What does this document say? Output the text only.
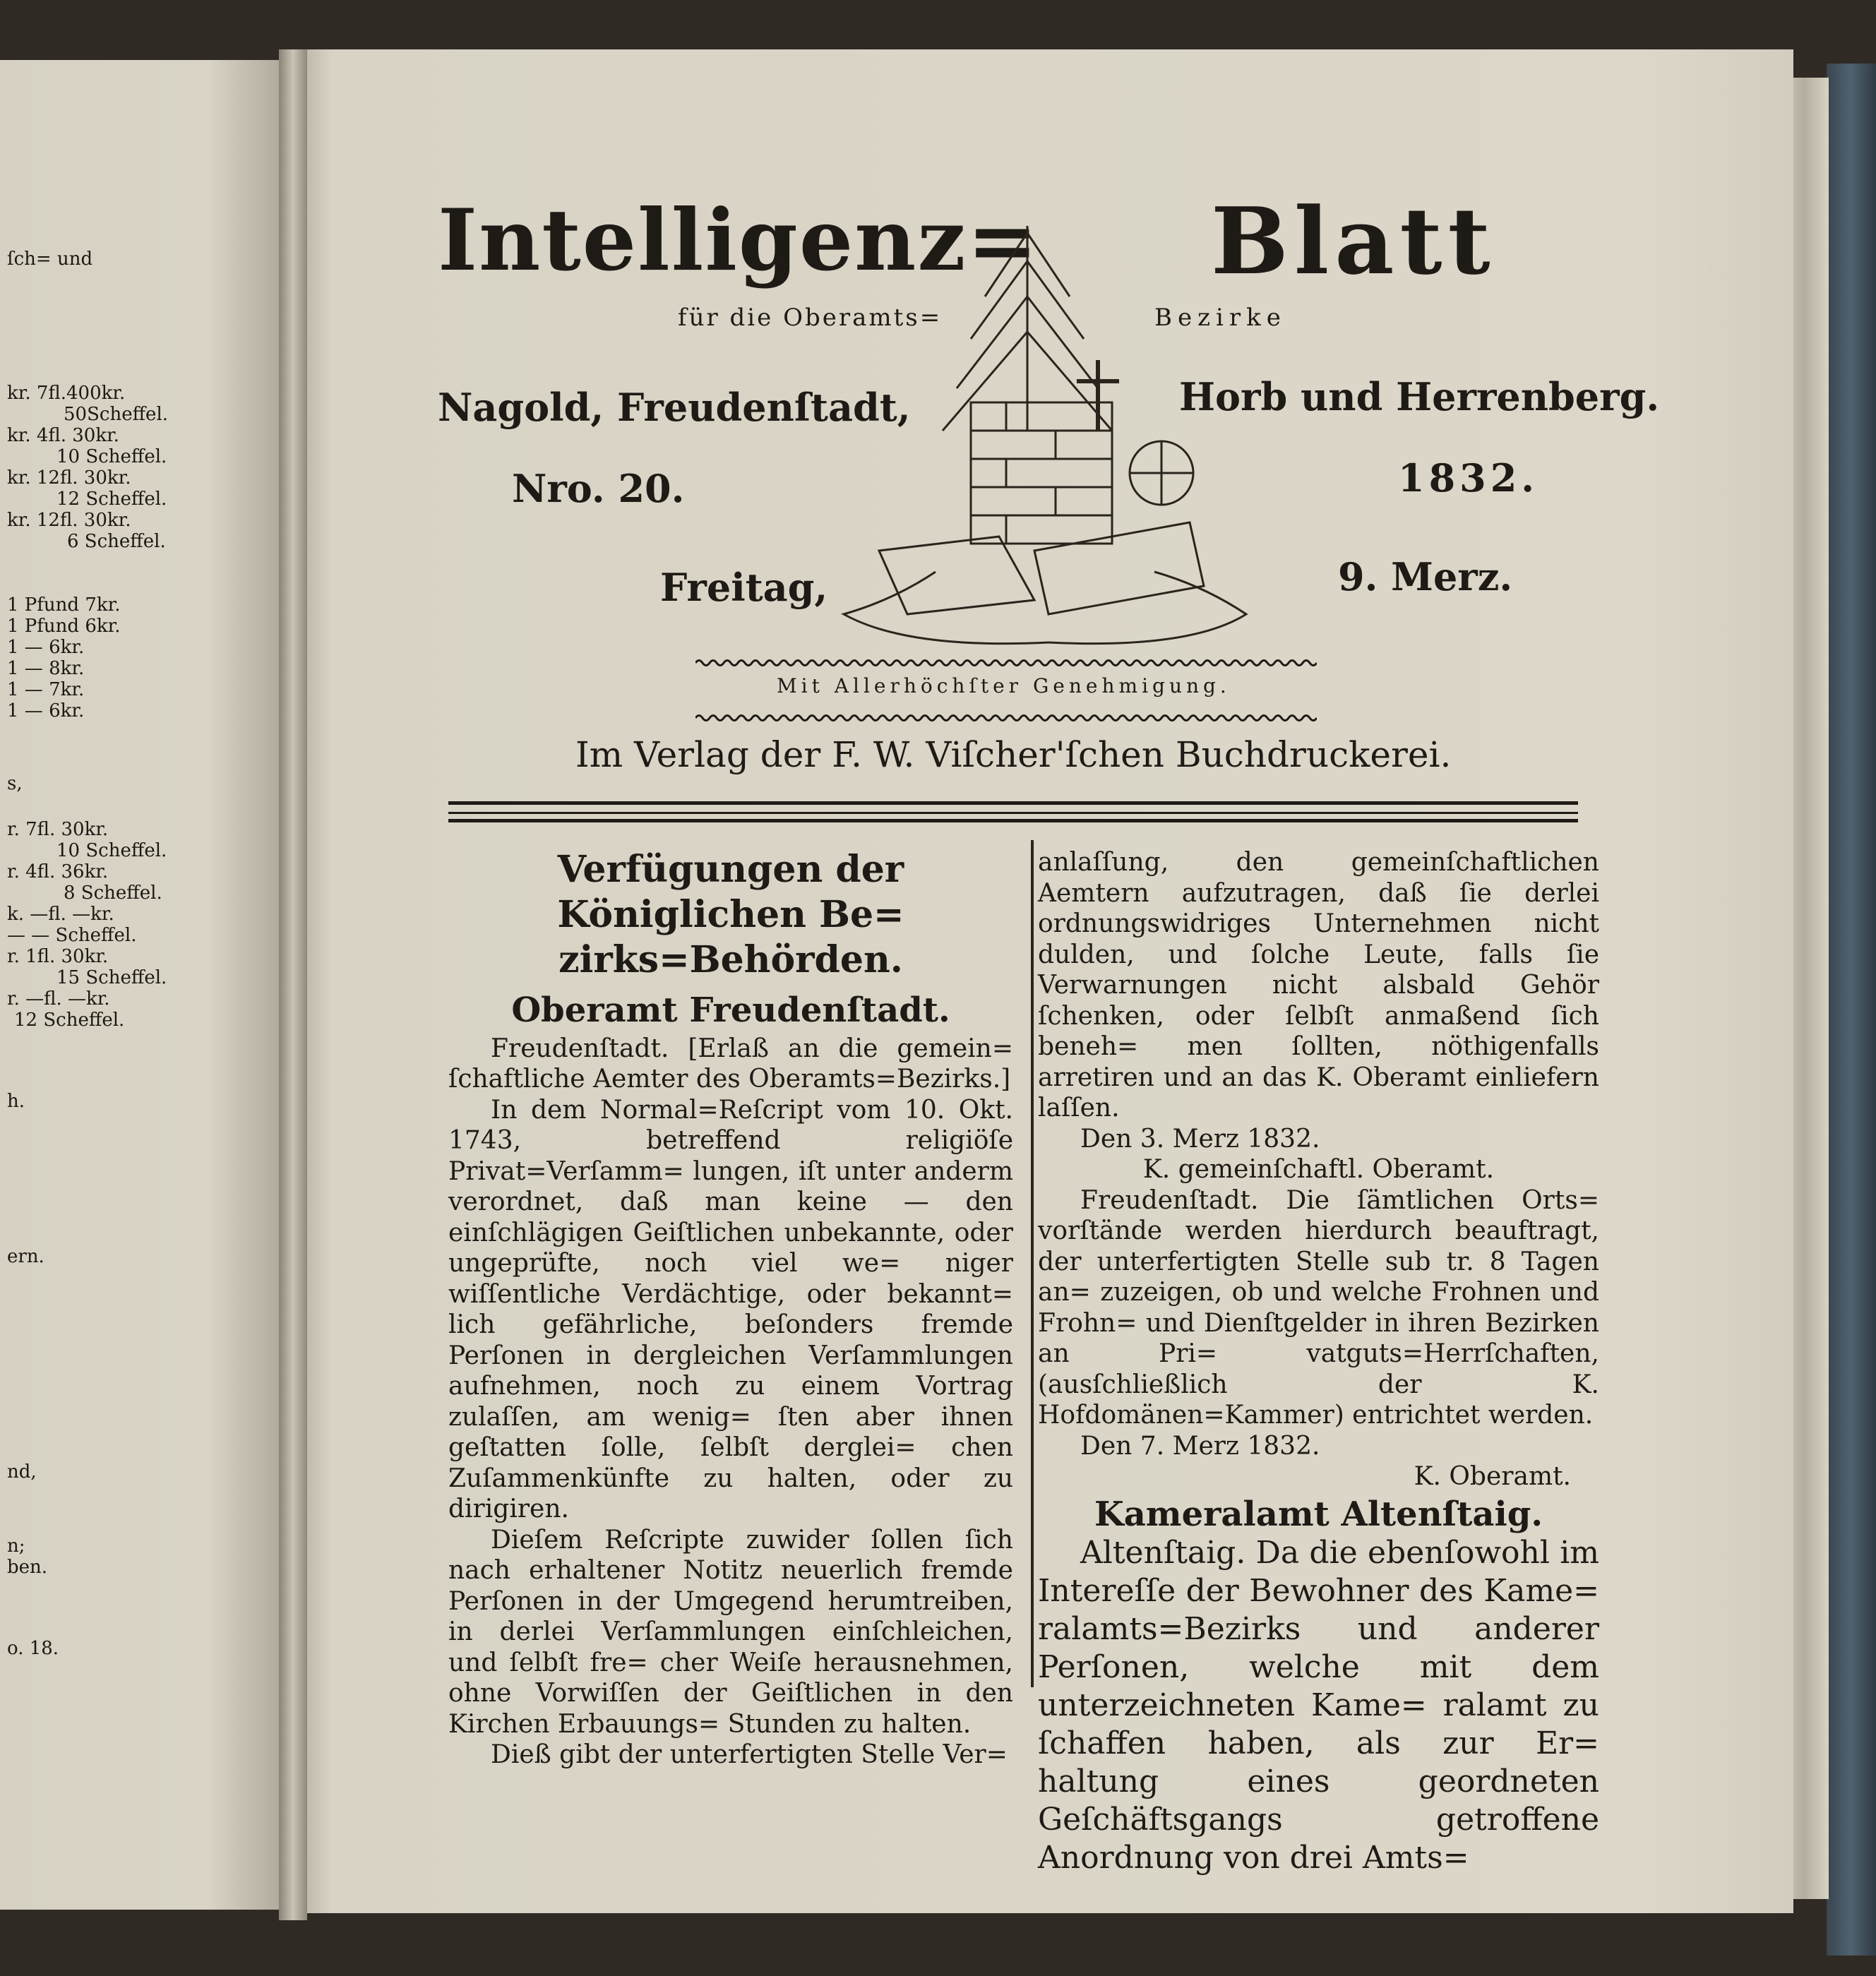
ſch= und
kr. 7fl.400kr.
50Scheffel.
kr. 4fl. 30kr.
10 Scheffel.
kr. 12fl. 30kr.
12 Scheffel.
kr. 12fl. 30kr.
6 Scheffel.
1 Pfund 7kr.
1 Pfund 6kr.
1 — 6kr.
1 — 8kr.
1 — 7kr.
1 — 6kr.
s,
r. 7fl. 30kr.
10 Scheffel.
r. 4fl. 36kr.
8 Scheffel.
k. —fl. —kr.
— — Scheffel.
r. 1fl. 30kr.
15 Scheffel.
r. —fl. —kr.
12 Scheffel.
h.
ern.
nd,
n;
ben.
o. 18.
Intelligenz= Blatt
für die Oberamts=	Bezirke
Nagold, Freudenſtadt,	Horb und Herrenberg.
Nro. 20.	1832.
Freitag,	9. Merz.
Mit Allerhöchſter Genehmigung.
Im Verlag der F. W. Viſcher'ſchen Buchdruckerei.

Verfügungen der Königlichen Be= zirks=Behörden.

Oberamt Freudenſtadt.

Freudenſtadt. [Erlaß an die gemein= ſchaftliche Aemter des Oberamts=Bezirks.]

In dem Normal=Reſcript vom 10. Okt. 1743, betreffend religiöſe Privat=Verſamm= lungen, iſt unter anderm verordnet, daß man keine — den einſchlägigen Geiſtlichen unbekannte, oder ungeprüfte, noch viel we= niger wiſſentliche Verdächtige, oder bekannt= lich gefährliche, beſonders fremde Perſonen in dergleichen Verſammlungen aufnehmen, noch zu einem Vortrag zulaſſen, am wenig= ſten aber ihnen geſtatten ſolle, ſelbſt derglei= chen Zuſammenkünfte zu halten, oder zu dirigiren.

Dieſem Reſcripte zuwider ſollen ſich nach erhaltener Notitz neuerlich fremde Perſonen in der Umgegend herumtreiben, in derlei Verſammlungen einſchleichen, und ſelbſt fre= cher Weiſe herausnehmen, ohne Vorwiſſen der Geiſtlichen in den Kirchen Erbauungs= Stunden zu halten.

Dieß gibt der unterfertigten Stelle Ver=

anlaſſung, den gemeinſchaftlichen Aemtern aufzutragen, daß ſie derlei ordnungswidriges Unternehmen nicht dulden, und ſolche Leute, falls ſie Verwarnungen nicht alsbald Gehör ſchenken, oder ſelbſt anmaßend ſich beneh= men ſollten, nöthigenfalls arretiren und an das K. Oberamt einliefern laſſen.

Den 3. Merz 1832.

K. gemeinſchaftl. Oberamt.

Freudenſtadt. Die ſämtlichen Orts= vorſtände werden hierdurch beauftragt, der unterfertigten Stelle sub tr. 8 Tagen an= zuzeigen, ob und welche Frohnen und Frohn= und Dienſtgelder in ihren Bezirken an Pri= vatguts=Herrſchaften, (ausſchließlich der K. Hofdomänen=Kammer) entrichtet werden.

Den 7. Merz 1832.

K. Oberamt.

Kameralamt Altenſtaig.

Altenſtaig. Da die ebenſowohl im Intereſſe der Bewohner des Kame= ralamts=Bezirks und anderer Perſonen, welche mit dem unterzeichneten Kame= ralamt zu ſchaffen haben, als zur Er= haltung eines geordneten Geſchäftsgangs getroffene Anordnung von drei Amts=
